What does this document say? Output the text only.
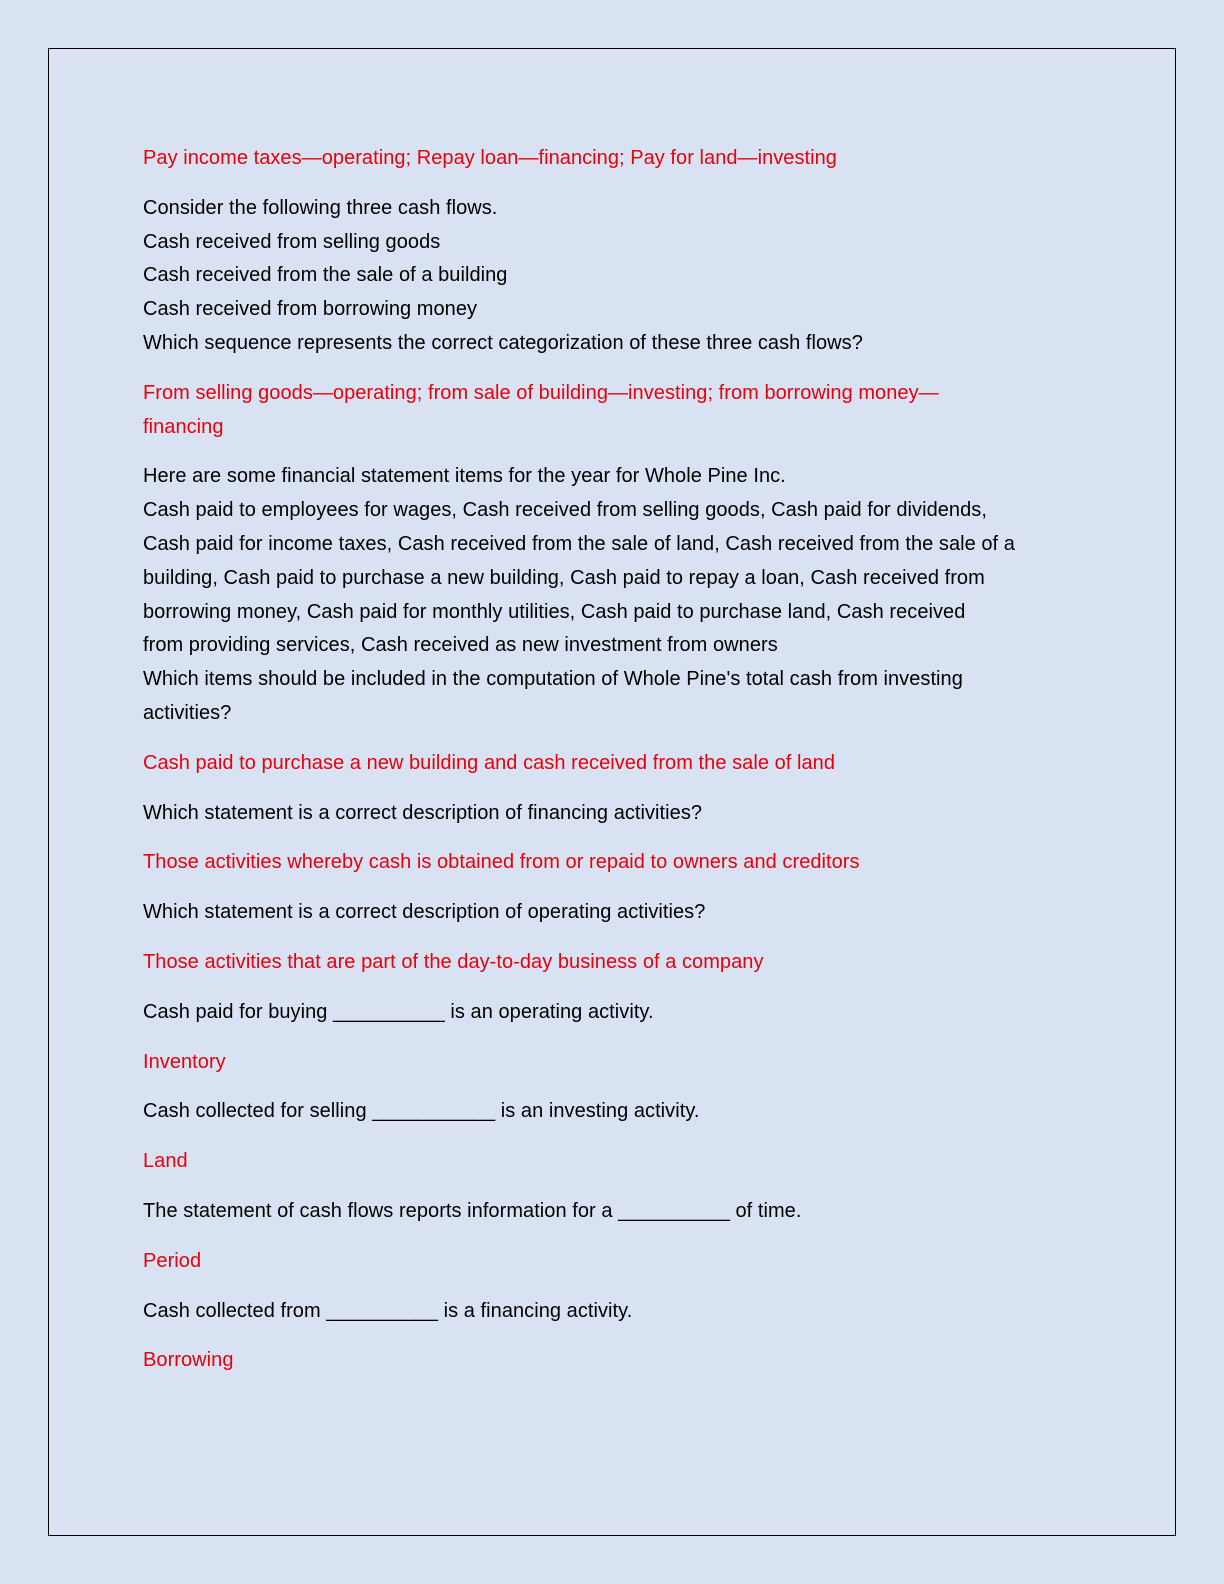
Pay income taxes—operating; Repay loan—financing; Pay for land—investing

Consider the following three cash flows.
Cash received from selling goods
Cash received from the sale of a building
Cash received from borrowing money
Which sequence represents the correct categorization of these three cash flows?

From selling goods—operating; from sale of building—investing; from borrowing money—
financing

Here are some financial statement items for the year for Whole Pine Inc.
Cash paid to employees for wages, Cash received from selling goods, Cash paid for dividends,
Cash paid for income taxes, Cash received from the sale of land, Cash received from the sale of a
building, Cash paid to purchase a new building, Cash paid to repay a loan, Cash received from
borrowing money, Cash paid for monthly utilities, Cash paid to purchase land, Cash received
from providing services, Cash received as new investment from owners
Which items should be included in the computation of Whole Pine's total cash from investing
activities?

Cash paid to purchase a new building and cash received from the sale of land

Which statement is a correct description of financing activities?

Those activities whereby cash is obtained from or repaid to owners and creditors

Which statement is a correct description of operating activities?

Those activities that are part of the day-to-day business of a company

Cash paid for buying __________ is an operating activity.

Inventory

Cash collected for selling ___________ is an investing activity.

Land

The statement of cash flows reports information for a __________ of time.

Period

Cash collected from __________ is a financing activity.

Borrowing
